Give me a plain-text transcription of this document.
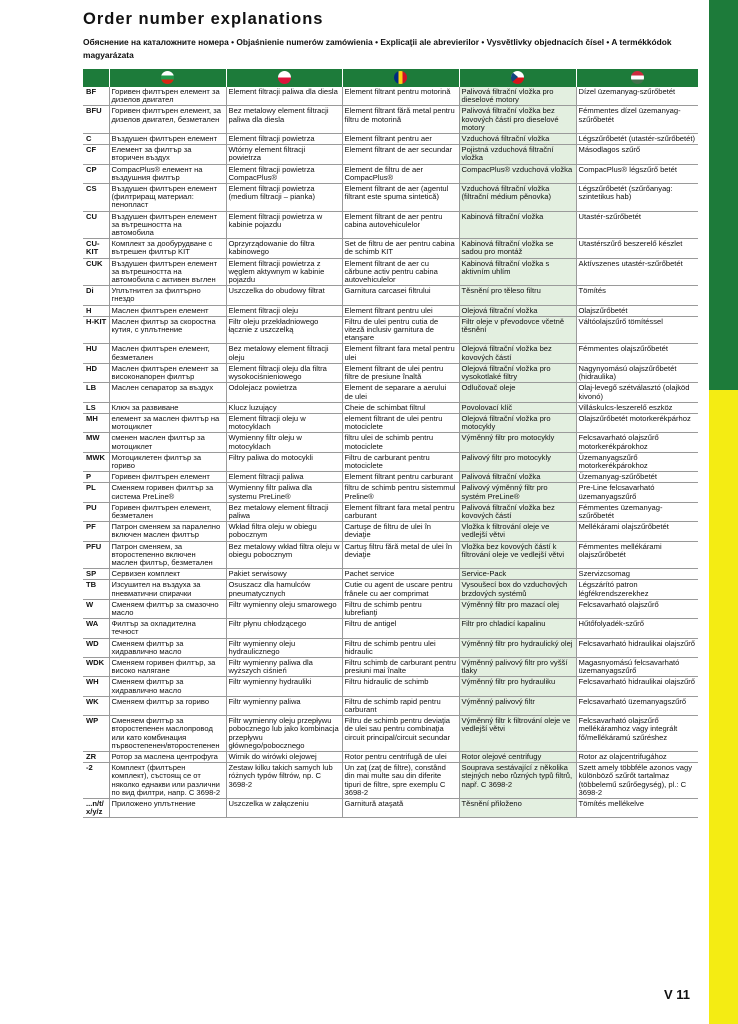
Order number explanations

Обяснение на каталожните номера • Objaśnienie numerów zamówienia • Explicaţii ale abrevierilor • Vysvětlivky objednacích čísel • A termékkódok magyarázata

BF	Горивен филтърен елемент за дизелов двигател	Element filtracji paliwa dla diesla	Element filtrant pentru motorină	Palivová filtrační vložka pro dieselové motory	Dízel üzemanyag-szűrőbetét
BFU	Горивен филтърен елемент, за дизелов двигател, безметален	Bez metalowy element filtracji paliwa dla diesla	Element filtrant fără metal pentru filtru de motorină	Palivová filtrační vložka bez kovových částí pro dieselové motory	Fémmentes dízel üzemanyag-szűrőbetét
C	Въздушен филтърен елемент	Element filtracji powietrza	Element filtrant pentru aer	Vzduchová filtrační vložka	Légszűrőbetét (utastér-szűrőbetét)
CF	Елемент за филтър за вторичен въздух	Wtórny element filtracji powietrza	Element filtrant de aer secundar	Pojistná vzduchová filtrační vložka	Másodlagos szűrő
CP	CompacPlus® елемент на въздушния филтър	Element filtracji powietrza CompacPlus®	Element de filtru de aer CompacPlus®	CompacPlus® vzduchová vložka	CompacPlus® légszűrő betét
CS	Въздушен филтърен елемент (филтриращ материал: пенопласт	Element filtracji powietrza (medium filtracji – pianka)	Element filtrant de aer (agentul filtrant este spuma sintetică)	Vzduchová filtrační vložka (filtrační médium pěnovka)	Légszűrőbetét (szűrőanyag: szintetikus hab)
CU	Въздушен филтърен елемент за вътрешността на автомобила	Element filtracji powietrza w kabinie pojazdu	Element filtrant de aer pentru cabina autovehiculelor	Kabinová filtrační vložka	Utastér-szűrőbetét
CU-KIT	Комплект за дообурудване с вътрешен филтър KIT	Oprzyrządowanie do filtra kabinowego	Set de filtru de aer pentru cabina de schimb KIT	Kabinová filtrační vložka se sadou pro montáž	Utastérszűrő beszerelő készlet
CUK	Въздушен филтърен елемент за вътрешността на автомобила с активен въглен	Element filtracji powietrza z węglem aktywnym w kabinie pojazdu	Element filtrant de aer cu cărbune activ pentru cabina autovehiculelor	Kabinová filtrační vložka s aktivním uhlím	Aktívszenes utastér-szűrőbetét
Di	Уплътнител за филтърно гнездо	Uszczelka do obudowy filtrat	Garnitura carcasei filtrului	Těsnění pro těleso filtru	Tömítés
H	Маслен филтърен елемент	Element filtracji oleju	Element filtrant pentru ulei	Olejová filtrační vložka	Olajszűrőbetét
H-KIT	Маслен филтър за скоростна кутия, с уплътнение	Filtr oleju przekładniowego łącznie z uszczelką	Filtru de ulei pentru cutia de viteză inclusiv garnitura de etanşare	Filtr oleje v převodovce včetně těsnění	Váltóolajszűrő tömítéssel
HU	Маслен филтърен елемент, безметален	Bez metalowy element filtracji oleju	Element filtrant fara metal pentru ulei	Olejová filtrační vložka bez kovových částí	Fémmentes olajszűrőbetét
HD	Маслен филтърен елемент за високонапорен филтър	Element filtracji oleju dla filtra wysokociśnieniowego	Element filtrant de ulei pentru filtre de presiune înaltă	Olejová filtrační vložka pro vysokotlaké filtry	Nagynyomású olajszűrőbetét (hidraulika)
LB	Маслен сепаратор за въздух	Odolejacz powietrza	Element de separare a aerului de ulei	Odlučovač oleje	Olaj-levegő szétválasztó (olajköd kivonó)
LS	Ключ за развиване	Klucz luzujący	Cheie de schimbat filtrul	Povolovací klíč	Villáskulcs-leszerelő eszköz
MH	елемент за маслен филтър на мотоциклет	Element filtracji oleju w motocyklach	element filtrant de ulei pentru motociclete	Olejová filtrační vložka pro motocykly	Olajszűrőbetét motorkerékpárhoz
MW	сменен маслен филтър за мотоциклет	Wymienny filtr oleju w motocyklach	filtru ulei de schimb pentru motociclete	Výměnný filtr pro motocykly	Felcsavarható olajszűrő motorkerékpárokhoz
MWK	Мотоциклетен филтър за гориво	Filtry paliwa do motocykli	Filtru de carburant pentru motociclete	Palivový filtr pro motocykly	Üzemanyagszűrő motorkerékpárokhoz
P	Горивен филтърен елемент	Element filtracji paliwa	Element filtrant pentru carburant	Palivová filtrační vložka	Üzemanyag-szűrőbetét
PL	Сменяем горивен филтър за система PreLine®	Wymienny filtr paliwa dla systemu PreLine®	filtru de schimb pentru sistemmul Preline®	Palivový výměnný filtr pro systém PreLine®	Pre-Line felcsavarható üzemanyagszűrő
PU	Горивен филтърен елемент, безметален	Bez metalowy element filtracji paliwa	Element filtrant fara metal pentru carburant	Palivová filtrační vložka bez kovových částí	Fémmentes üzemanyag-szűrőbetét
PF	Патрон сменяем за паралелно включен маслен филтър	Wkład filtra oleju w obiegu pobocznym	Cartuşe de filtru de ulei în deviaţie	Vložka k filtrování oleje ve vedlejší větvi	Mellékárami olajszűrőbetét
PFU	Патрон сменяем, за второстепенно включен маслен филтър, безметален	Bez metalowy wkład filtra oleju w obiegu pobocznym	Cartuş filtru fără metal de ulei în deviaţie	Vložka bez kovových částí k filtrování oleje ve vedlejší větvi	Fémmentes mellékárami olajszűrőbetét
SP	Сервизен комплект	Pakiet serwisowy	Pachet service	Service-Pack	Szervizcsomag
TB	Изсушител на въздуха за пневматични спирачки	Osuszacz dla hamulców pneumatycznych	Cutie cu agent de uscare pentru frânele cu aer comprimat	Vysoušecí box do vzduchových brzdových systémů	Légszárító patron légfékrendszerekhez
W	Сменяем филтър за смазочно масло	Filtr wymienny oleju smarowego	Filtru de schimb pentru lubrefianţi	Výměnný filtr pro mazací olej	Felcsavarható olajszűrő
WA	Филтър за охладителна течност	Filtr płynu chłodzącego	Filtru de antigel	Filtr pro chladicí kapalinu	Hűtőfolyadék-szűrő
WD	Сменяем филтър за хидравлично масло	Filtr wymienny oleju hydraulicznego	Filtru de schimb pentru ulei hidraulic	Výměnný filtr pro hydraulický olej	Felcsavarható hidraulikai olajszűrő
WDK	Сменяем горивен филтър, за високо налягане	Filtr wymienny paliwa dla wyższych ciśnień	Filtru schimb de carburant pentru presiuni mai înalte	Výměnný palivový filtr pro vyšší tlaky	Magasnyomású felcsavarható üzemanyagszűrő
WH	Сменяем филтър за хидравлично масло	Filtr wymienny hydrauliki	Filtru hidraulic de schimb	Výměnný filtr pro hydrauliku	Felcsavarható hidraulikai olajszűrő
WK	Сменяем филтър за гориво	Filtr wymienny paliwa	Filtru de schimb rapid pentru carburant	Výměnný palivový filtr	Felcsavarható üzemanyagszűrő
WP	Сменяем филтър за второстепенен маслопровод или като комбинация първостепенен/второстепенен	Filtr wymienny oleju przepływu pobocznego lub jako kombinacja przepływu głównego/pobocznego	Filtru de schimb pentru deviaţia de ulei sau pentru combinaţia circuit principal/circuit secundar	Výměnný filtr k filtrování oleje ve vedlejší větvi	Felcsavarható olajszűrő mellékáramhoz vagy integrált fő/mellékáramú szűréshez
ZR	Ротор за маслена центрофуга	Wirnik do wirówki olejowej	Rotor pentru centrifugă de ulei	Rotor olejové centrifugy	Rotor az olajcentrifugához
-2	Комплект (филтърен комплект), състоящ се от няколко еднакви или различни по вид филтри, напр. C 3698-2	Zestaw kilku takich samych lub różnych typów filtrów, np. C 3698-2	Un zaţ (zaţ de filtre), constând din mai multe sau din diferite tipuri de filtre, spre exemplu C 3698-2	Souprava sestávající z několika stejných nebo různých typů filtrů, např. C 3698-2	Szett amely többféle azonos vagy különböző szűrőt tartalmaz (többelemű szűrőegység), pl.: C 3698-2
...n/t/ x/y/z	Приложено уплътнение	Uszczelka w załączeniu	Garnitură ataşată	Těsnění přiloženo	Tömítés mellékelve
V 11
